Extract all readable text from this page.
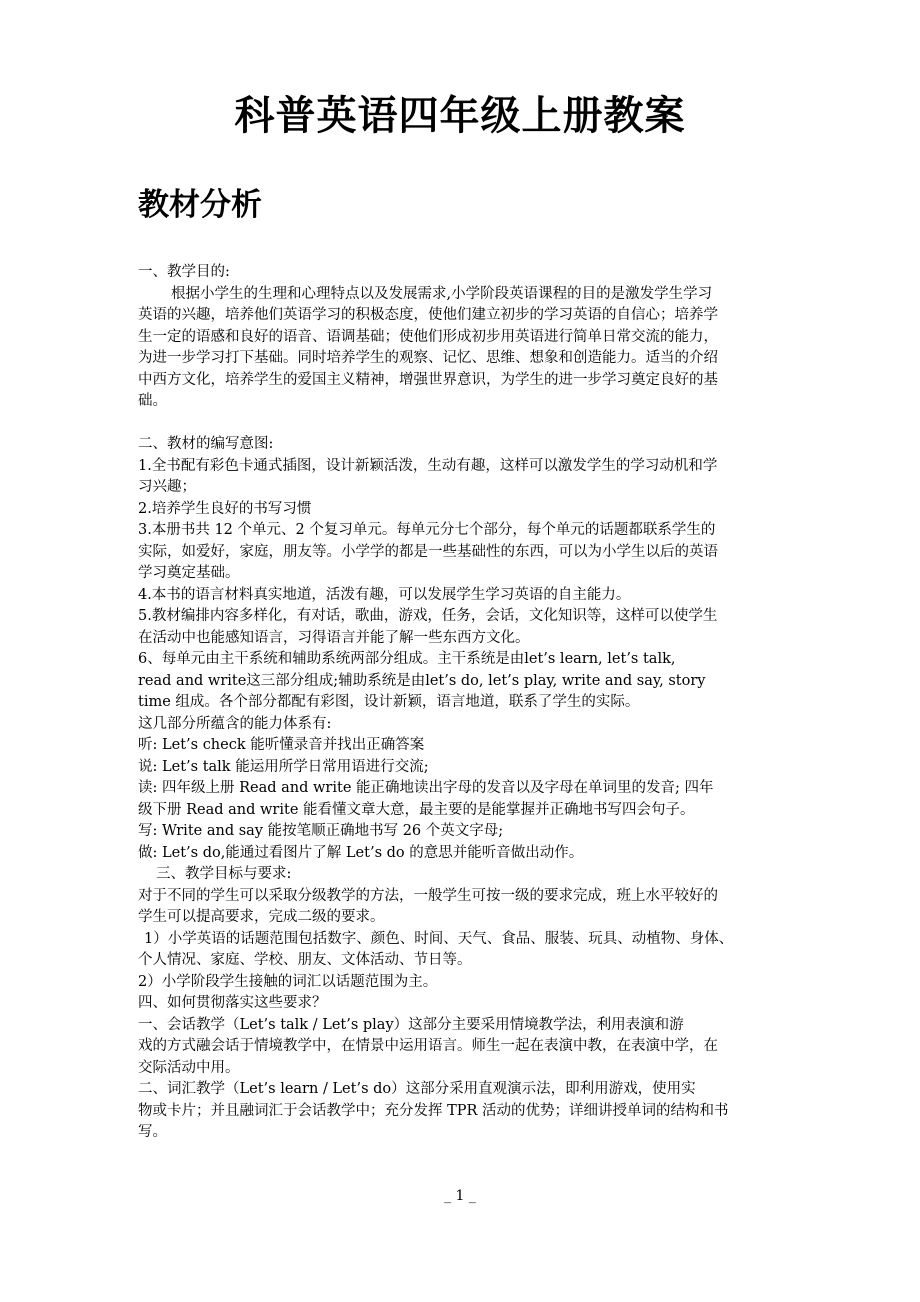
科普英语四年级上册教案
教材分析

一、教学目的:

根据小学生的生理和心理特点以及发展需求,小学阶段英语课程的目的是激发学生学习

英语的兴趣，培养他们英语学习的积极态度，使他们建立初步的学习英语的自信心；培养学

生一定的语感和良好的语音、语调基础；使他们形成初步用英语进行简单日常交流的能力，

为进一步学习打下基础。同时培养学生的观察、记忆、思维、想象和创造能力。适当的介绍

中西方文化，培养学生的爱国主义精神，增强世界意识，为学生的进一步学习奠定良好的基

础。

二、教材的编写意图:

1.全书配有彩色卡通式插图，设计新颖活泼，生动有趣，这样可以激发学生的学习动机和学

习兴趣；

2.培养学生良好的书写习惯

3.本册书共 12 个单元、2 个复习单元。每单元分七个部分，每个单元的话题都联系学生的

实际，如爱好，家庭，朋友等。小学学的都是一些基础性的东西，可以为小学生以后的英语

学习奠定基础。

4.本书的语言材料真实地道，活泼有趣，可以发展学生学习英语的自主能力。

5.教材编排内容多样化，有对话，歌曲，游戏，任务，会话，文化知识等，这样可以使学生

在活动中也能感知语言，习得语言并能了解一些东西方文化。

6、每单元由主干系统和辅助系统两部分组成。主干系统是由let’s learn, let’s talk,

read and write这三部分组成;辅助系统是由let’s do, let’s play, write and say, story

time 组成。各个部分都配有彩图，设计新颖，语言地道，联系了学生的实际。

这几部分所蕴含的能力体系有:

听: Let’s check 能听懂录音并找出正确答案

说: Let’s talk 能运用所学日常用语进行交流;

读: 四年级上册 Read and write 能正确地读出字母的发音以及字母在单词里的发音; 四年

级下册 Read and write 能看懂文章大意，最主要的是能掌握并正确地书写四会句子。

写: Write and say 能按笔顺正确地书写 26 个英文字母;

做: Let’s do,能通过看图片了解 Let’s do 的意思并能听音做出动作。

三、教学目标与要求:

对于不同的学生可以采取分级教学的方法，一般学生可按一级的要求完成，班上水平较好的

学生可以提高要求，完成二级的要求。

1）小学英语的话题范围包括数字、颜色、时间、天气、食品、服装、玩具、动植物、身体、

个人情况、家庭、学校、朋友、文体活动、节日等。

2）小学阶段学生接触的词汇以话题范围为主。

四、如何贯彻落实这些要求？

一、会话教学（Let’s talk / Let’s play）这部分主要采用情境教学法，利用表演和游

戏的方式融会话于情境教学中，在情景中运用语言。师生一起在表演中教，在表演中学，在

交际活动中用。

二、词汇教学（Let’s learn / Let’s do）这部分采用直观演示法，即利用游戏，使用实

物或卡片；并且融词汇于会话教学中；充分发挥 TPR 活动的优势；详细讲授单词的结构和书

写。

_ 1 _
